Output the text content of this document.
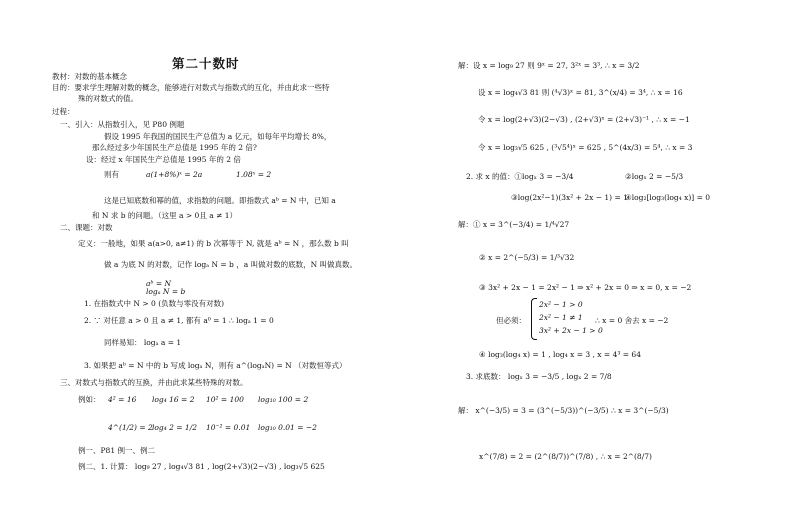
第二十数时
教材：对数的基本概念
目的：要求学生理解对数的概念，能够进行对数式与指数式的互化，并由此求一些特
殊的对数式的值。
过程：
一、引入：从指数引入，见 P80 例题
假设 1995 年我国的国民生产总值为 a 亿元，如每年平均增长 8%，
那么经过多少年国民生产总值是 1995 年的 2 倍?
设：经过 x 年国民生产总值是 1995 年的 2 倍
则有	a(1+8%)ˣ = 2a	1.08ˣ = 2
这是已知底数和幂的值，求指数的问题。即指数式 aᵇ = N 中，已知 a
和 N 求 b 的问题。（这里 a > 0且 a ≠ 1）
二、课题：对数
定义：一般地，如果 a(a>0, a≠1) 的 b 次幂等于 N, 就是 aᵇ = N ，那么数 b 叫
做 a 为底 N 的对数，记作 logₐ N = b ，a 叫做对数的底数，N 叫做真数。
aᵇ = N
logₐ N = b
1. 在指数式中 N > 0 (负数与零没有对数)
2. ∵ 对任意 a > 0 且 a ≠ 1, 都有 a⁰ = 1 ∴ logₐ 1 = 0
同样易知： logₐ a = 1
3. 如果把 aᵇ = N 中的 b 写成 logₐ N，则有 a^(logₐN) = N （对数恒等式）
三、对数式与指数式的互换，并由此求某些特殊的对数。
例如： 4² = 16 log₄ 16 = 2 10² = 100 log₁₀ 100 = 2
4^(1/2) = 2 log₄ 2 = 1/2 10⁻² = 0.01 log₁₀ 0.01 = −2
例一、P81 例一、例二
例二、1. 计算： log₉ 27 , log₄√3 81 , log(2+√3)(2−√3) , log₃√5 625
解：设 x = log₉ 27 则 9ˣ = 27, 3²ˣ = 3³, ∴ x = 3/2
设 x = log₄√3 81 则 (⁴√3)ˣ = 81, 3^(x/4) = 3⁴, ∴ x = 16
令 x = log(2+√3)(2−√3) , (2+√3)ˣ = (2+√3)⁻¹ , ∴ x = −1
令 x = log₃√5 625 , (³√5⁴)ˣ = 625 , 5^(4x/3) = 5⁴, ∴ x = 3
2. 求 x 的值：①logₓ 3 = −3/4	②logₓ 2 = −5/3
③log(2x²−1)(3x² + 2x − 1) = 1
④log₂[log₃(log₄ x)] = 0
解：① x = 3^(−3/4) = 1/⁴√27
② x = 2^(−5/3) = 1/³√32
③ 3x² + 2x − 1 = 2x² − 1 ⇒ x² + 2x = 0 ⇒ x = 0, x = −2
但必须：
2x² − 1 > 0
2x² − 1 ≠ 1
3x² + 2x − 1 > 0
∴ x = 0 舍去 x = −2
④ log₃(log₄ x) = 1 , log₄ x = 3 , x = 4³ = 64
3. 求底数： logₓ 3 = −3/5 , logₓ 2 = 7/8
解： x^(−3/5) = 3 = (3^(−5/3))^(−3/5) ∴ x = 3^(−5/3)
x^(7/8) = 2 = (2^(8/7))^(7/8) , ∴ x = 2^(8/7)
